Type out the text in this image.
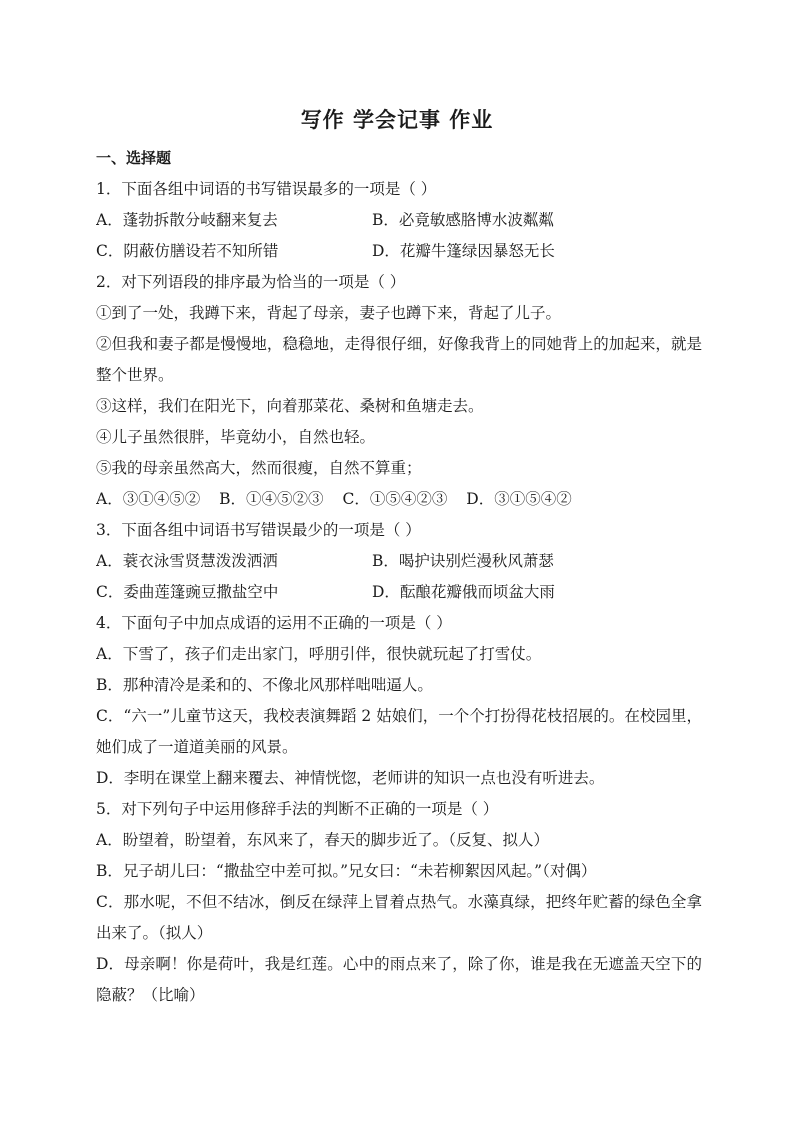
写作 学会记事 作业
一、选择题
1．下面各组中词语的书写错误最多的一项是（ ）
A．蓬勃拆散分岐翻来复去	B．必竟敏感胳博水波粼粼
C．阴蔽仿膳设若不知所错	D．花瓣牛篷绿因暴怒无长
2．对下列语段的排序最为恰当的一项是（ ）
①到了一处，我蹲下来，背起了母亲，妻子也蹲下来，背起了儿子。
②但我和妻子都是慢慢地，稳稳地，走得很仔细，好像我背上的同她背上的加起来，就是整个世界。
③这样，我们在阳光下，向着那菜花、桑树和鱼塘走去。
④儿子虽然很胖，毕竟幼小，自然也轻。
⑤我的母亲虽然高大，然而很瘦，自然不算重；
A．③①④⑤② B．①④⑤②③ C．①⑤④②③ D．③①⑤④②
3．下面各组中词语书写错误最少的一项是（ ）
A．蓑衣泳雪贤慧泼泼洒洒	B．喝护诀别烂漫秋风萧瑟
C．委曲莲篷豌豆撒盐空中	D．酝酿花瓣俄而顷盆大雨
4．下面句子中加点成语的运用不正确的一项是（ ）
A．下雪了，孩子们走出家门，呼朋引伴，很快就玩起了打雪仗。
B．那种清冷是柔和的、不像北风那样咄咄逼人。
C．“六一”儿童节这天，我校表演舞蹈 2 姑娘们，一个个打扮得花枝招展的。在校园里，她们成了一道道美丽的风景。
D．李明在课堂上翻来覆去、神情恍惚，老师讲的知识一点也没有听进去。
5．对下列句子中运用修辞手法的判断不正确的一项是（ ）
A．盼望着，盼望着，东风来了，春天的脚步近了。（反复、拟人）
B．兄子胡儿曰：“撒盐空中差可拟。”兄女曰：“未若柳絮因风起。”（对偶）
C．那水呢，不但不结冰，倒反在绿萍上冒着点热气。水藻真绿，把终年贮蓄的绿色全拿出来了。（拟人）
D．母亲啊！你是荷叶，我是红莲。心中的雨点来了，除了你，谁是我在无遮盖天空下的隐蔽？（比喻）
